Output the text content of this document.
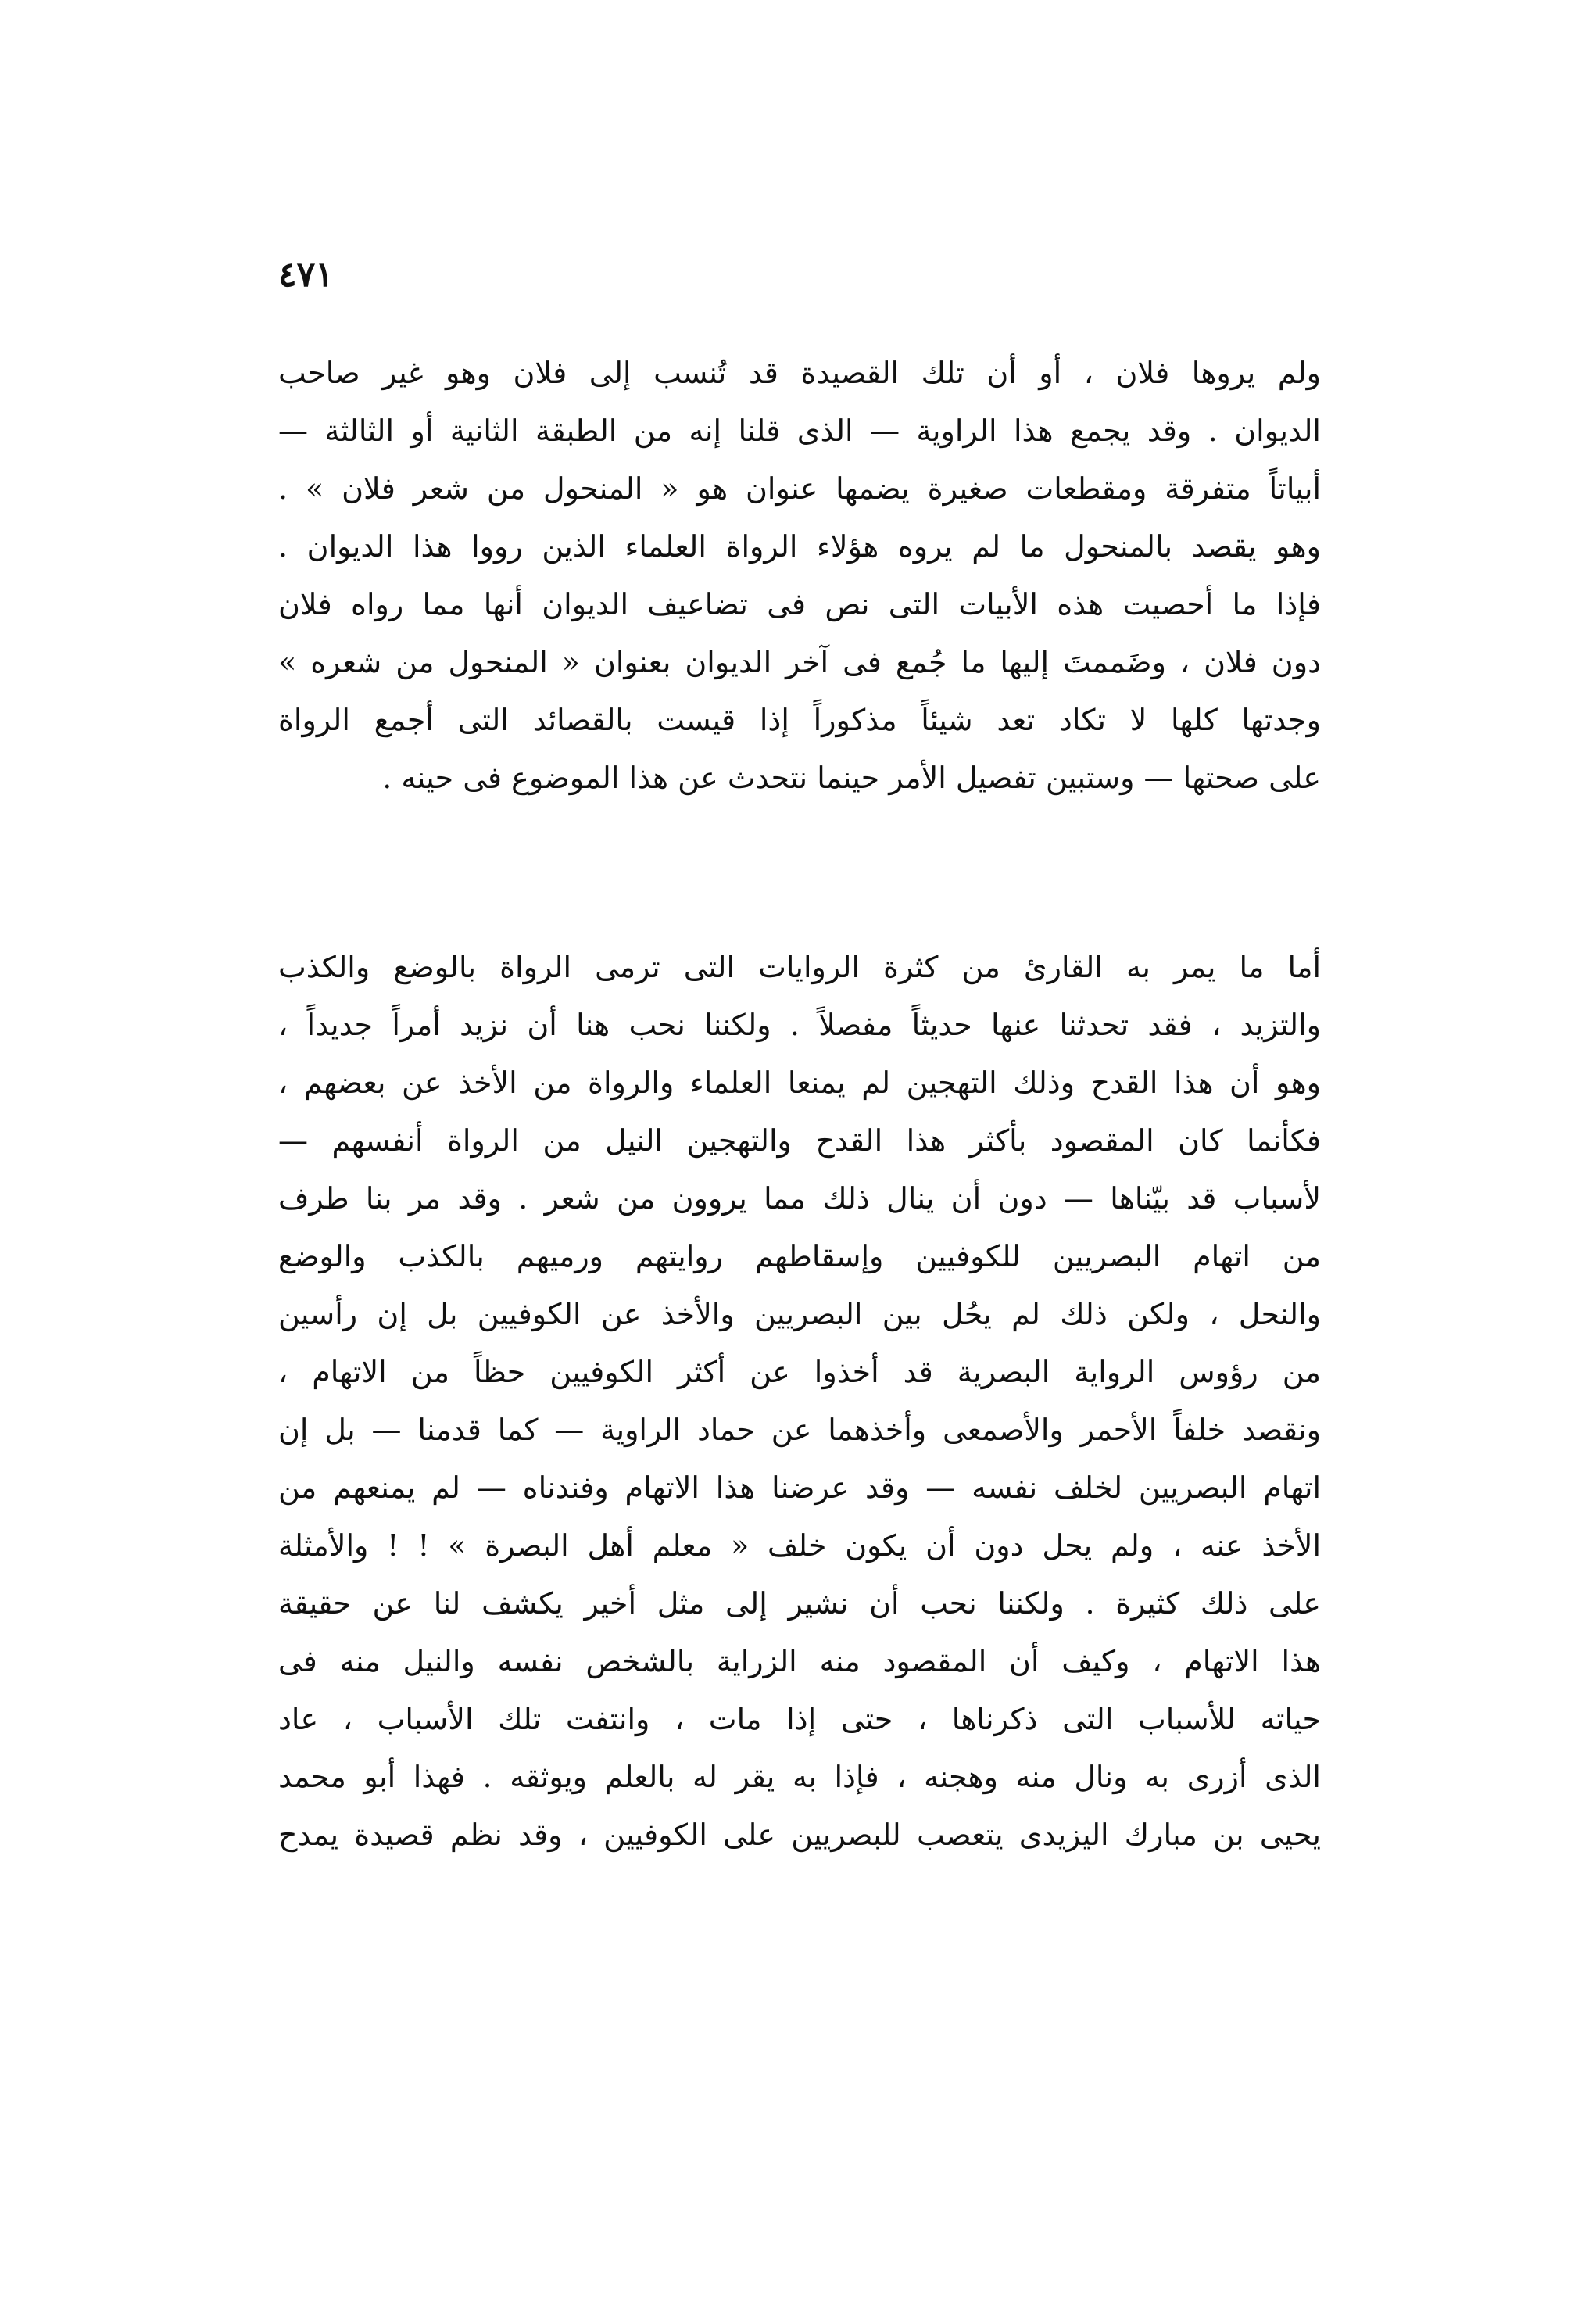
٤٧١
ولم يروها فلان ، أو أن تلك القصيدة قد تُنسب إلى فلان وهو غير صاحب
الديوان . وقد يجمع هذا الراوية — الذى قلنا إنه من الطبقة الثانية أو الثالثة —
أبياتاً متفرقة ومقطعات صغيرة يضمها عنوان هو « المنحول من شعر فلان » .
وهو يقصد بالمنحول ما لم يروه هؤلاء الرواة العلماء الذين رووا هذا الديوان .
فإذا ما أحصيت هذه الأبيات التى نص فى تضاعيف الديوان أنها مما رواه فلان
دون فلان ، وضَممتَ إليها ما جُمع فى آخر الديوان بعنوان « المنحول من شعره »
وجدتها كلها لا تكاد تعد شيئاً مذكوراً إذا قيست بالقصائد التى أجمع الرواة
على صحتها — وستبين تفصيل الأمر حينما نتحدث عن هذا الموضوع فى حينه .
أما ما يمر به القارئ من كثرة الروايات التى ترمى الرواة بالوضع والكذب
والتزيد ، فقد تحدثنا عنها حديثاً مفصلاً . ولكننا نحب هنا أن نزيد أمراً جديداً ،
وهو أن هذا القدح وذلك التهجين لم يمنعا العلماء والرواة من الأخذ عن بعضهم ،
فكأنما كان المقصود بأكثر هذا القدح والتهجين النيل من الرواة أنفسهم —
لأسباب قد بيّناها — دون أن ينال ذلك مما يروون من شعر . وقد مر بنا طرف
من اتهام البصريين للكوفيين وإسقاطهم روايتهم ورميهم بالكذب والوضع
والنحل ، ولكن ذلك لم يحُل بين البصريين والأخذ عن الكوفيين بل إن رأسين
من رؤوس الرواية البصرية قد أخذوا عن أكثر الكوفيين حظاً من الاتهام ،
ونقصد خلفاً الأحمر والأصمعى وأخذهما عن حماد الراوية — كما قدمنا — بل إن
اتهام البصريين لخلف نفسه — وقد عرضنا هذا الاتهام وفندناه — لم يمنعهم من
الأخذ عنه ، ولم يحل دون أن يكون خلف « معلم أهل البصرة » ! ! والأمثلة
على ذلك كثيرة . ولكننا نحب أن نشير إلى مثل أخير يكشف لنا عن حقيقة
هذا الاتهام ، وكيف أن المقصود منه الزراية بالشخص نفسه والنيل منه فى
حياته للأسباب التى ذكرناها ، حتى إذا مات ، وانتفت تلك الأسباب ، عاد
الذى أزرى به ونال منه وهجنه ، فإذا به يقر له بالعلم ويوثقه . فهذا أبو محمد
يحيى بن مبارك اليزيدى يتعصب للبصريين على الكوفيين ، وقد نظم قصيدة يمدح
